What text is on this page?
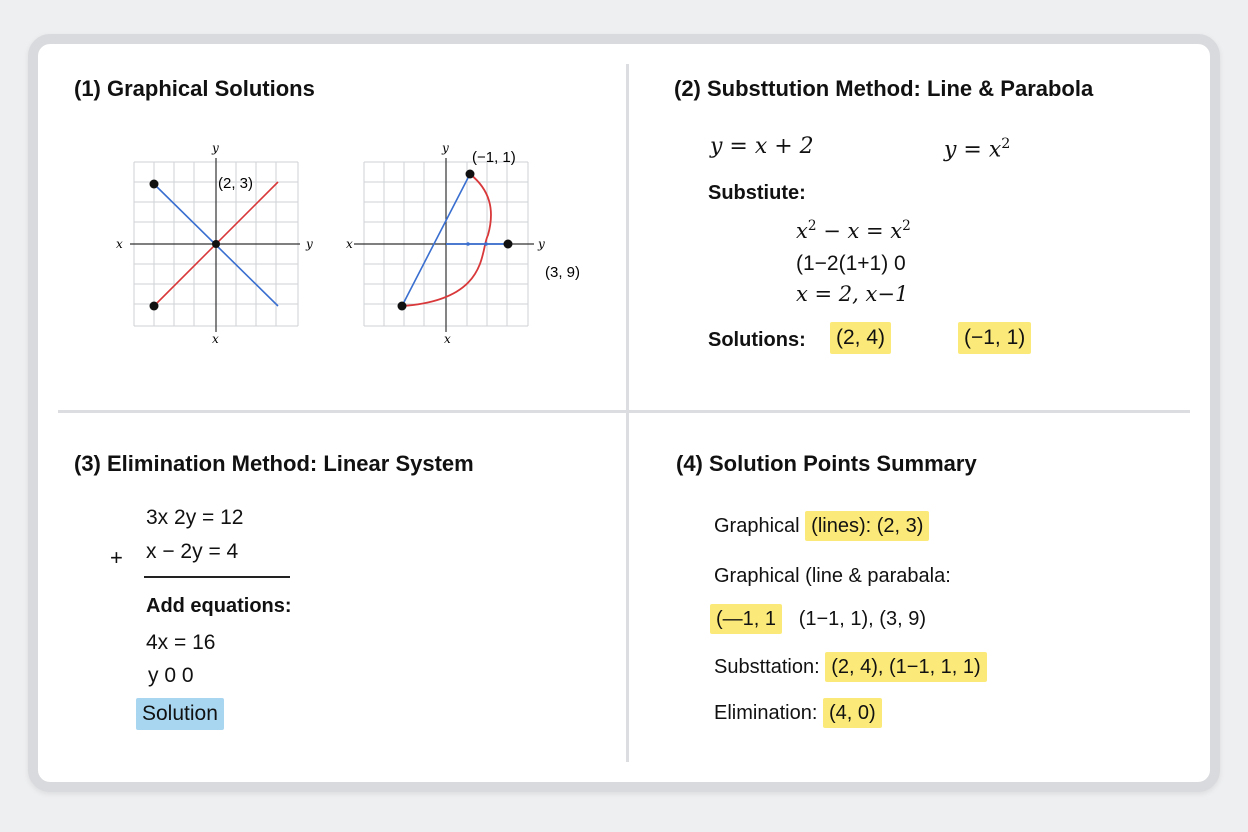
(1) Graphical Solutions
y
x	y
x
(2, 3)
y
x	y
x
(−1, 1)
(3, 9)
(2) Substtution Method: Line & Parabola
y = x + 2	$y = x^2$
Substiute:
$x^2 - x = x^2$
(1−2(1+1) 0
x = 2, x−1
Solutions: (2, 4)	(−1, 1)
(3) Elimination Method: Linear System
3x 2y = 12
+ x − 2y = 4
Add equations:
4x = 16
y 0 0
Solution
(4) Solution Points Summary
Graphical (lines): (2, 3)
Graphical (line & parabala:
(—1, 1 (1−1, 1), (3, 9)
Substtation: (2, 4), (1−1, 1, 1)
Elimination: (4, 0)
